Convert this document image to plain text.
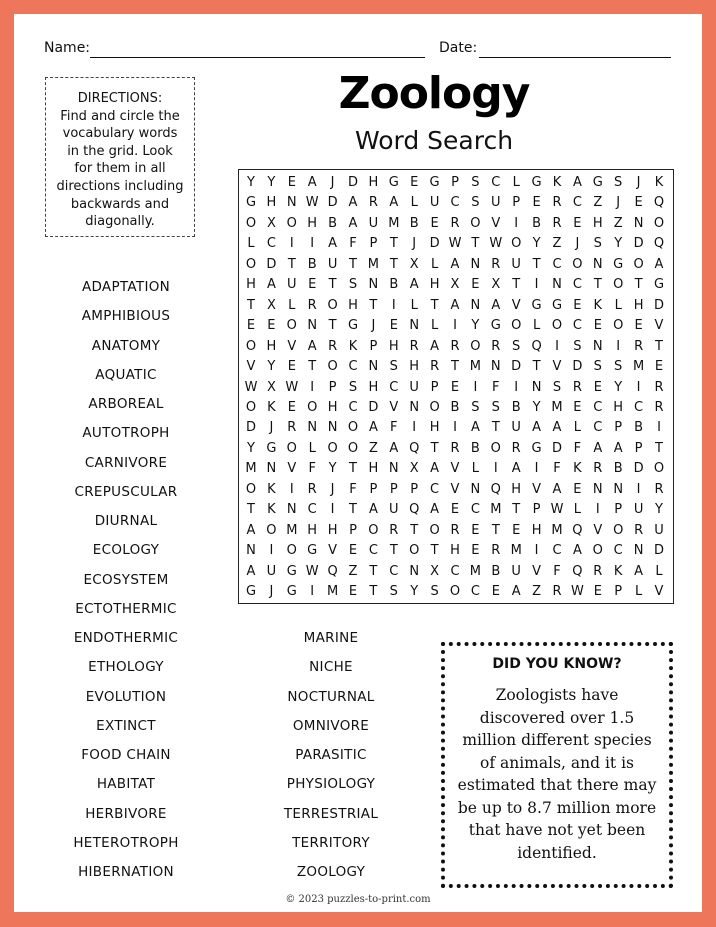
Name:	Date:
DIRECTIONS:
Find and circle the
vocabulary words
in the grid. Look
for them in all
directions including
backwards and
diagonally.
Zoology
Word Search
Y Y E A	J	D H G E G P S C L G K A G S	J	K
G H N W D A R A L U C S U P E R C Z	J	E Q
O X O H B A U M B E R O V	I	B R E H Z N O
L C	I	I	A F P T	J	D W T W O Y Z	J	S Y D Q
O D T B U T M T X L A N R U T C O N G O A
H A U E T S N B A H X E X T	I	N C T O T G
T X L R O H T	I	L T A N A V G G E K L H D
E E O N T G	J	E N L	I	Y G O L O C E O E V
O H V A R K P H R A R O R S Q	I	S N	I	R T
V Y E T O C N S H R T M N D T V D S S M E
W X W I	P S H C U P E	I	F	I	N S R E Y	I	R
O K E O H C D V N O B S S B Y M E C H C R
D	J	R N N O A F	I	H	I	A T U A A L C P B	I
Y G O L O O Z A Q T R B O R G D F A A P T
M N V F Y T H N X A V L	I	A	I	F K R B D O
O K	I	R	J	F P P P C V N Q H V A E N N	I	R
T K N C	I	T A U Q A E C M T P W L	I	P U Y
A O M H H P O R T O R E T E H M Q V O R U
N	I	O G V E C T O T H E R M I	C A O C N D
A U G W Q Z T C N X C M B U V F Q R K A L
G	J	G	I M E T S Y S O C E A Z R W E P L V
ADAPTATION
AMPHIBIOUS
ANATOMY
AQUATIC
ARBOREAL
AUTOTROPH
CARNIVORE
CREPUSCULAR
DIURNAL
ECOLOGY
ECOSYSTEM
ECTOTHERMIC
ENDOTHERMIC
ETHOLOGY
EVOLUTION
EXTINCT
FOOD CHAIN
HABITAT
HERBIVORE
HETEROTROPH
HIBERNATION
MARINE
NICHE
NOCTURNAL
OMNIVORE
PARASITIC
PHYSIOLOGY
TERRESTRIAL
TERRITORY
ZOOLOGY
DID YOU KNOW?
Zoologists have
discovered over 1.5
million different species
of animals, and it is
estimated that there may
be up to 8.7 million more
that have not yet been
identified.
© 2023 puzzles-to-print.com
